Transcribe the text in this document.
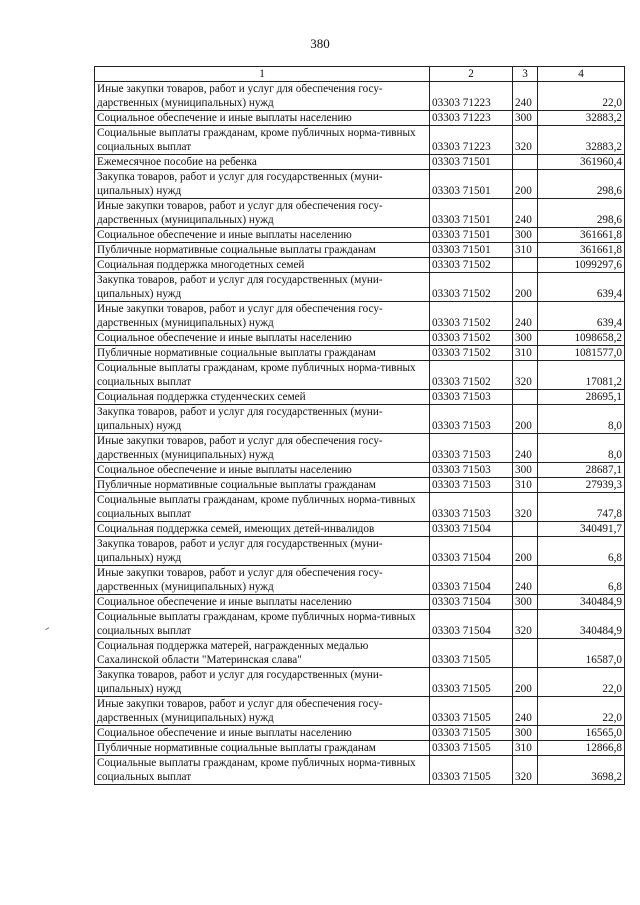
380
1	2	3	4
Иные закупки товаров, работ и услуг для обеспечения госу-дарственных (муниципальных) нужд	03303 71223	240	22,0
Социальное обеспечение и иные выплаты населению	03303 71223	300	32883,2
Социальные выплаты гражданам, кроме публичных норма-тивных социальных выплат	03303 71223	320	32883,2
Ежемесячное пособие на ребенка	03303 71501		361960,4
Закупка товаров, работ и услуг для государственных (муни-ципальных) нужд	03303 71501	200	298,6
Иные закупки товаров, работ и услуг для обеспечения госу-дарственных (муниципальных) нужд	03303 71501	240	298,6
Социальное обеспечение и иные выплаты населению	03303 71501	300	361661,8
Публичные нормативные социальные выплаты гражданам	03303 71501	310	361661,8
Социальная поддержка многодетных семей	03303 71502		1099297,6
Закупка товаров, работ и услуг для государственных (муни-ципальных) нужд	03303 71502	200	639,4
Иные закупки товаров, работ и услуг для обеспечения госу-дарственных (муниципальных) нужд	03303 71502	240	639,4
Социальное обеспечение и иные выплаты населению	03303 71502	300	1098658,2
Публичные нормативные социальные выплаты гражданам	03303 71502	310	1081577,0
Социальные выплаты гражданам, кроме публичных норма-тивных социальных выплат	03303 71502	320	17081,2
Социальная поддержка студенческих семей	03303 71503		28695,1
Закупка товаров, работ и услуг для государственных (муни-ципальных) нужд	03303 71503	200	8,0
Иные закупки товаров, работ и услуг для обеспечения госу-дарственных (муниципальных) нужд	03303 71503	240	8,0
Социальное обеспечение и иные выплаты населению	03303 71503	300	28687,1
Публичные нормативные социальные выплаты гражданам	03303 71503	310	27939,3
Социальные выплаты гражданам, кроме публичных норма-тивных социальных выплат	03303 71503	320	747,8
Социальная поддержка семей, имеющих детей-инвалидов	03303 71504		340491,7
Закупка товаров, работ и услуг для государственных (муни-ципальных) нужд	03303 71504	200	6,8
Иные закупки товаров, работ и услуг для обеспечения госу-дарственных (муниципальных) нужд	03303 71504	240	6,8
Социальное обеспечение и иные выплаты населению	03303 71504	300	340484,9
Социальные выплаты гражданам, кроме публичных норма-тивных социальных выплат	03303 71504	320	340484,9
Социальная поддержка матерей, награжденных медалью Сахалинской области "Материнская слава"	03303 71505		16587,0
Закупка товаров, работ и услуг для государственных (муни-ципальных) нужд	03303 71505	200	22,0
Иные закупки товаров, работ и услуг для обеспечения госу-дарственных (муниципальных) нужд	03303 71505	240	22,0
Социальное обеспечение и иные выплаты населению	03303 71505	300	16565,0
Публичные нормативные социальные выплаты гражданам	03303 71505	310	12866,8
Социальные выплаты гражданам, кроме публичных норма-тивных социальных выплат	03303 71505	320	3698,2
